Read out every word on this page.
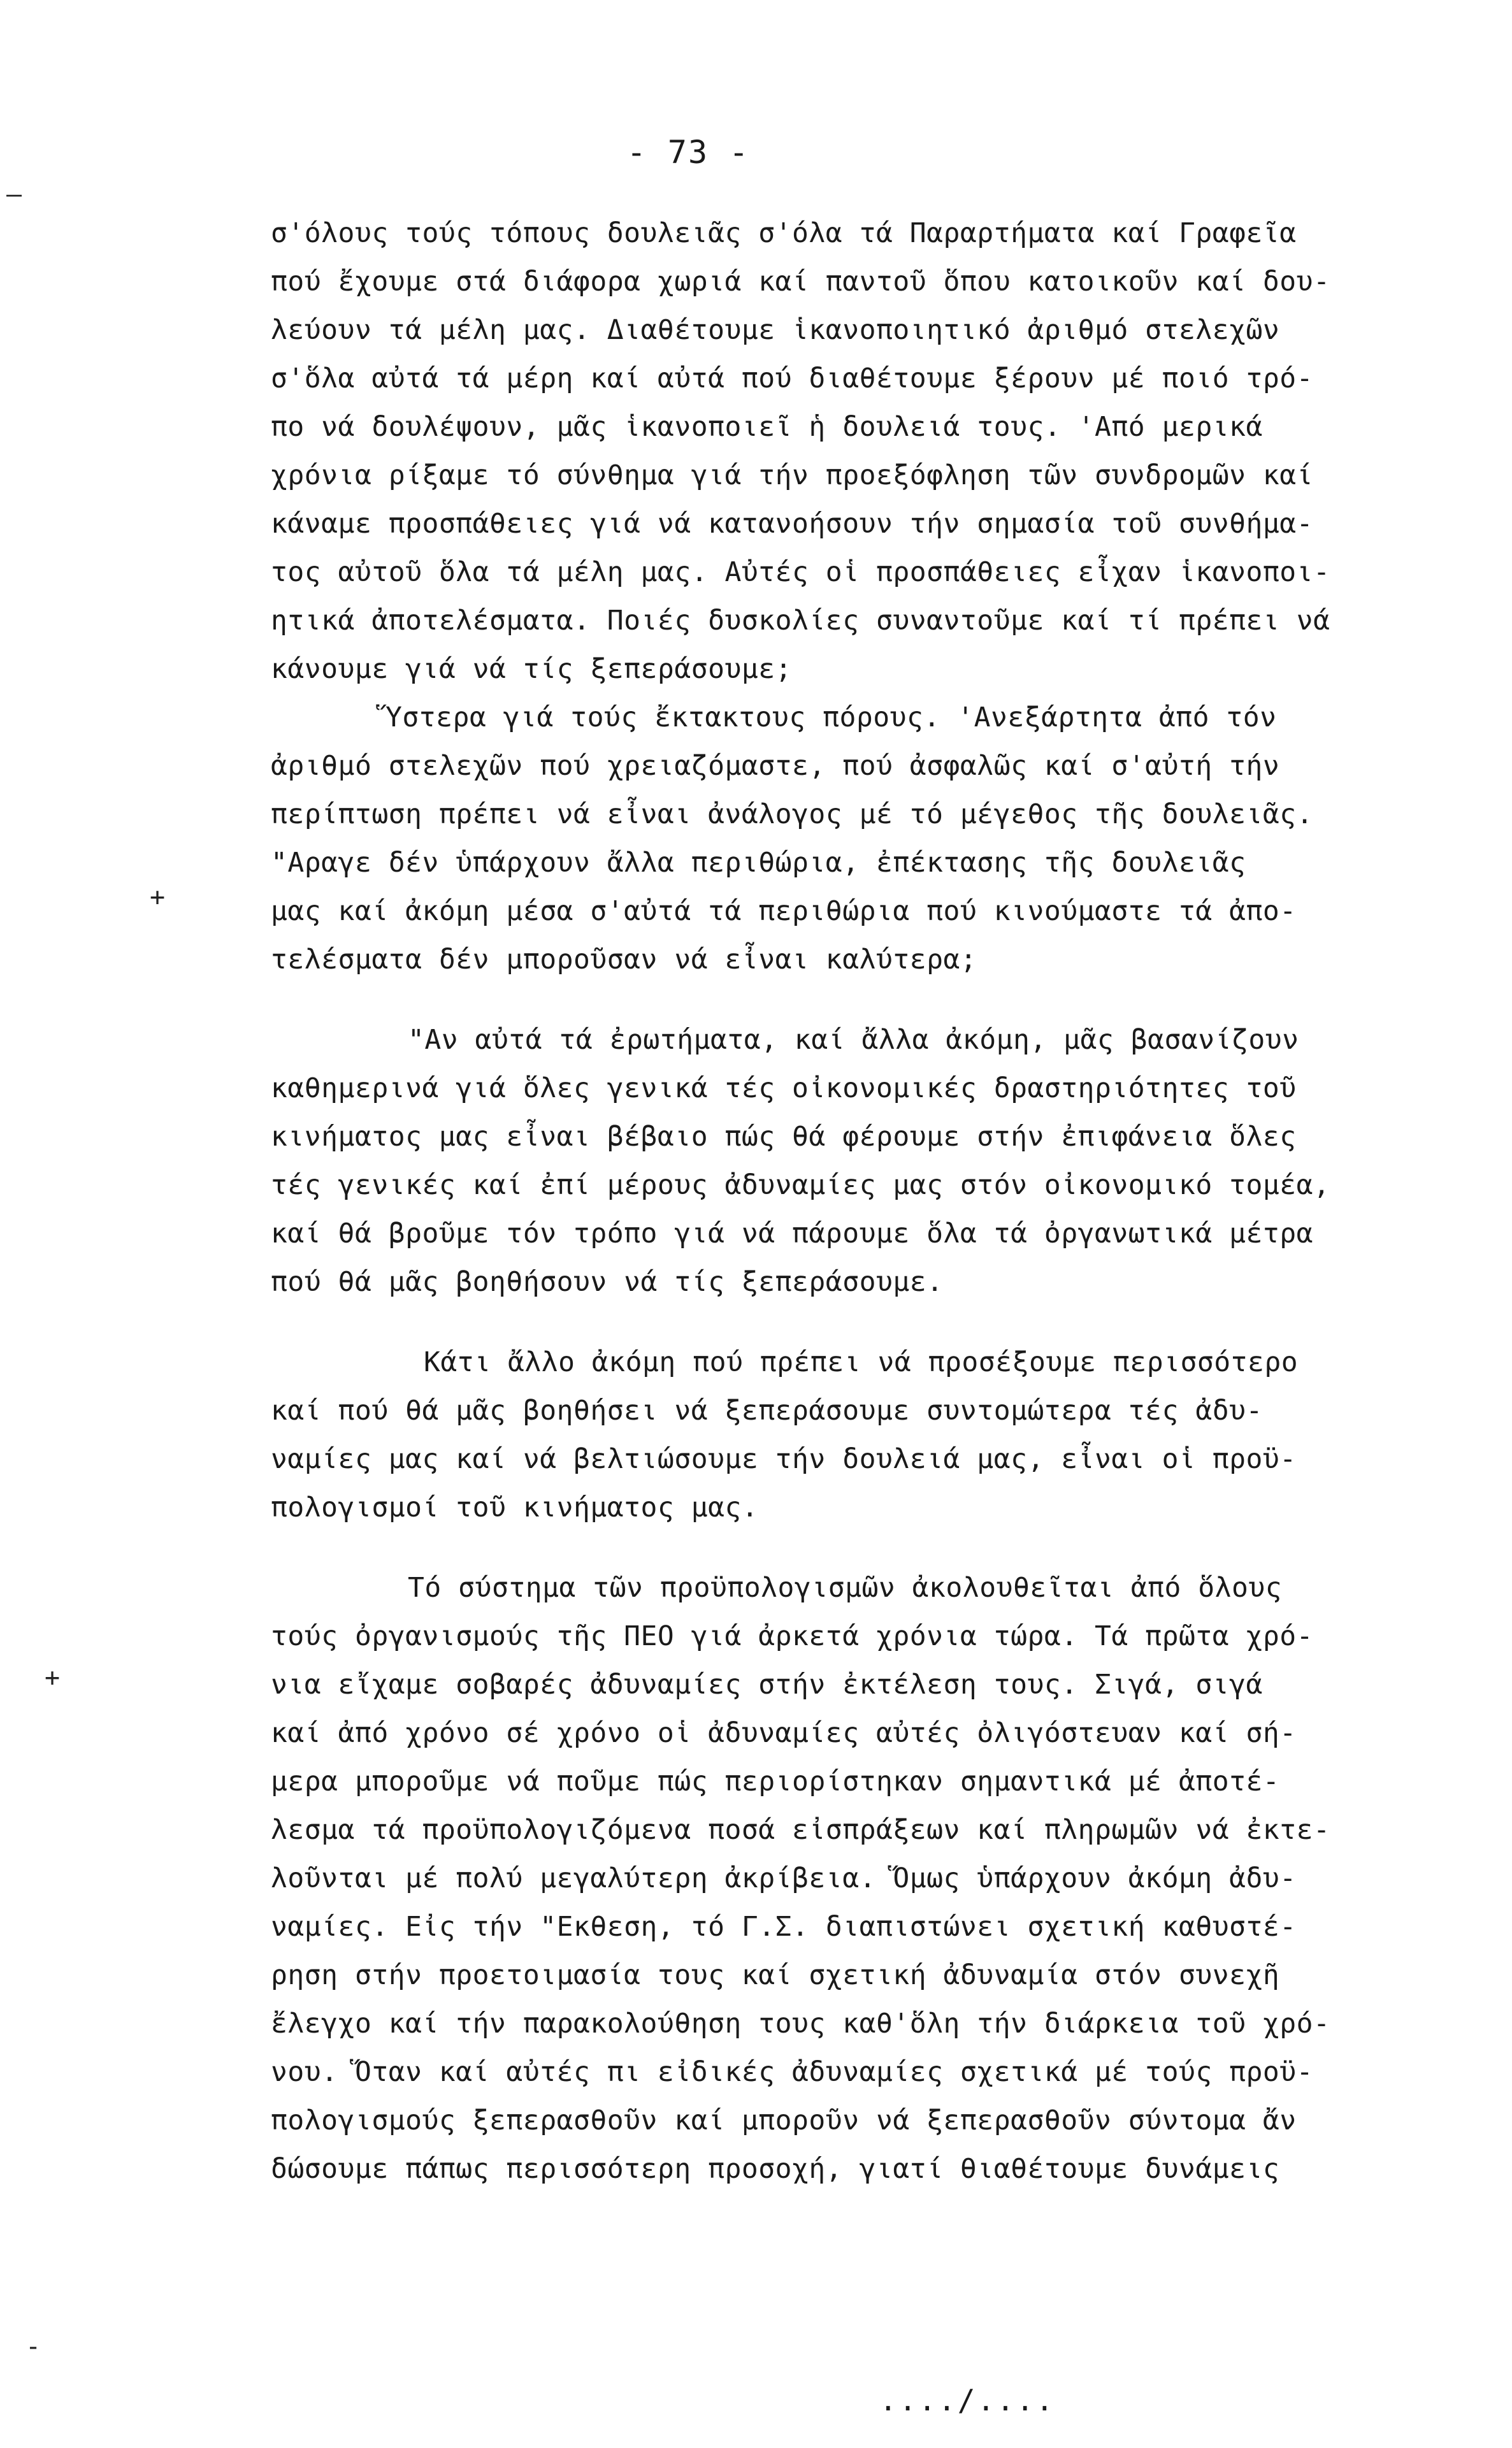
- 73 -
—
+
+
-
σ'όλους τούς τόπους δουλειᾶς σ'όλα τά Παραρτήματα καί Γραφεῖα
πού ἔχουμε στά διάφορα χωριά καί παντοῦ ὅπου κατοικοῦν καί δου-
λεύουν τά μέλη μας. Διαθέτουμε ἱκανοποιητικό ἀριθμό στελεχῶν
σ'ὅλα αὐτά τά μέρη καί αὐτά πού διαθέτουμε ξέρουν μέ ποιό τρό-
πο νά δουλέψουν, μᾶς ἱκανοποιεῖ ἡ δουλειά τους. 'Από μερικά
χρόνια ρίξαμε τό σύνθημα γιά τήν προεξόφληση τῶν συνδρομῶν καί
κάναμε προσπάθειες γιά νά κατανοήσουν τήν σημασία τοῦ συνθήμα-
τος αὐτοῦ ὅλα τά μέλη μας. Αὐτές οἱ προσπάθειες εἶχαν ἱκανοποι-
ητικά ἀποτελέσματα. Ποιές δυσκολίες συναντοῦμε καί τί πρέπει νά
κάνουμε γιά νά τίς ξεπεράσουμε;
Ὕστερα γιά τούς ἔκτακτους πόρους. 'Ανεξάρτητα ἀπό τόν
ἀριθμό στελεχῶν πού χρειαζόμαστε, πού ἀσφαλῶς καί σ'αὐτή τήν
περίπτωση πρέπει νά εἶναι ἀνάλογος μέ τό μέγεθος τῆς δουλειᾶς.
"Αραγε δέν ὑπάρχουν ἄλλα περιθώρια, ἐπέκτασης τῆς δουλειᾶς
μας καί ἀκόμη μέσα σ'αὐτά τά περιθώρια πού κινούμαστε τά ἀπο-
τελέσματα δέν μποροῦσαν νά εἶναι καλύτερα;
"Αν αὐτά τά ἐρωτήματα, καί ἄλλα ἀκόμη, μᾶς βασανίζουν
καθημερινά γιά ὅλες γενικά τές οἰκονομικές δραστηριότητες τοῦ
κινήματος μας εἶναι βέβαιο πώς θά φέρουμε στήν ἐπιφάνεια ὅλες
τές γενικές καί ἐπί μέρους ἀδυναμίες μας στόν οἰκονομικό τομέα,
καί θά βροῦμε τόν τρόπο γιά νά πάρουμε ὅλα τά ὀργανωτικά μέτρα
πού θά μᾶς βοηθήσουν νά τίς ξεπεράσουμε.
Κάτι ἄλλο ἀκόμη πού πρέπει νά προσέξουμε περισσότερο
καί πού θά μᾶς βοηθήσει νά ξεπεράσουμε συντομώτερα τές ἀδυ-
ναμίες μας καί νά βελτιώσουμε τήν δουλειά μας, εἶναι οἱ προϋ-
πολογισμοί τοῦ κινήματος μας.
Τό σύστημα τῶν προϋπολογισμῶν ἀκολουθεῖται ἀπό ὅλους
τούς ὀργανισμούς τῆς ΠΕΟ γιά ἀρκετά χρόνια τώρα. Τά πρῶτα χρό-
νια εἴχαμε σοβαρές ἀδυναμίες στήν ἐκτέλεση τους. Σιγά, σιγά
καί ἀπό χρόνο σέ χρόνο οἱ ἀδυναμίες αὐτές ὀλιγόστευαν καί σή-
μερα μποροῦμε νά ποῦμε πώς περιορίστηκαν σημαντικά μέ ἀποτέ-
λεσμα τά προϋπολογιζόμενα ποσά εἰσπράξεων καί πληρωμῶν νά ἐκτε-
λοῦνται μέ πολύ μεγαλύτερη ἀκρίβεια. Ὅμως ὑπάρχουν ἀκόμη ἀδυ-
ναμίες. Εἰς τήν "Εκθεση, τό Γ.Σ. διαπιστώνει σχετική καθυστέ-
ρηση στήν προετοιμασία τους καί σχετική ἀδυναμία στόν συνεχῆ
ἔλεγχο καί τήν παρακολούθηση τους καθ'ὅλη τήν διάρκεια τοῦ χρό-
νου. Ὅταν καί αὐτές πι εἰδικές ἀδυναμίες σχετικά μέ τούς προϋ-
πολογισμούς ξεπερασθοῦν καί μποροῦν νά ξεπερασθοῦν σύντομα ἄν
δώσουμε πάπως περισσότερη προσοχή, γιατί θιαθέτουμε δυνάμεις
..../....
